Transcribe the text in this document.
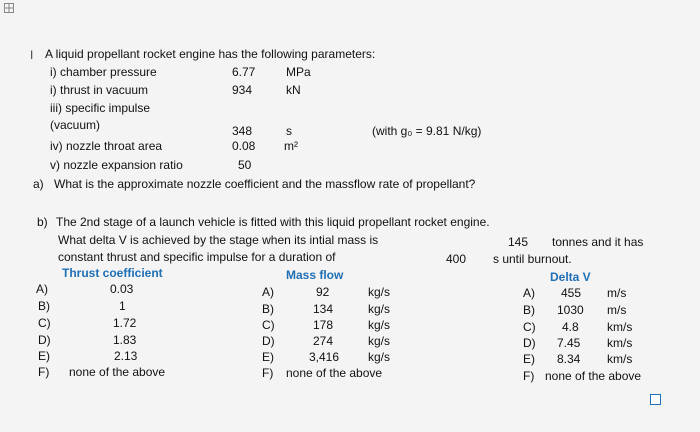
I A liquid propellant rocket engine has the following parameters:
i) chamber pressure	6.77	MPa
i) thrust in vacuum	934	kN
iii) specific impulse
(vacuum)	348	s	(with g₀ = 9.81 N/kg)
iv) nozzle throat area	0.08 m²
v) nozzle expansion ratio	50
a) What is the approximate nozzle coefficient and the massflow rate of propellant?
b) The 2nd stage of a launch vehicle is fitted with this liquid propellant rocket engine.
What delta V is achieved by the stage when its intial mass is	145 tonnes and it has
constant thrust and specific impulse for a duration of	400 s until burnout.
Thrust coefficient	Mass flow	Delta V
A)	0.03
B)	1
C)	1.72
D)	1.83
E)	2.13
F) none of the above
A)	92	kg/s
B)	134	kg/s
C)	178	kg/s
D)	274	kg/s
E)	3,416 kg/s
F) none of the above
A) 455 m/s
B) 1030 m/s
C) 4.8 km/s
D) 7.45 km/s
E) 8.34 km/s
F) none of the above
